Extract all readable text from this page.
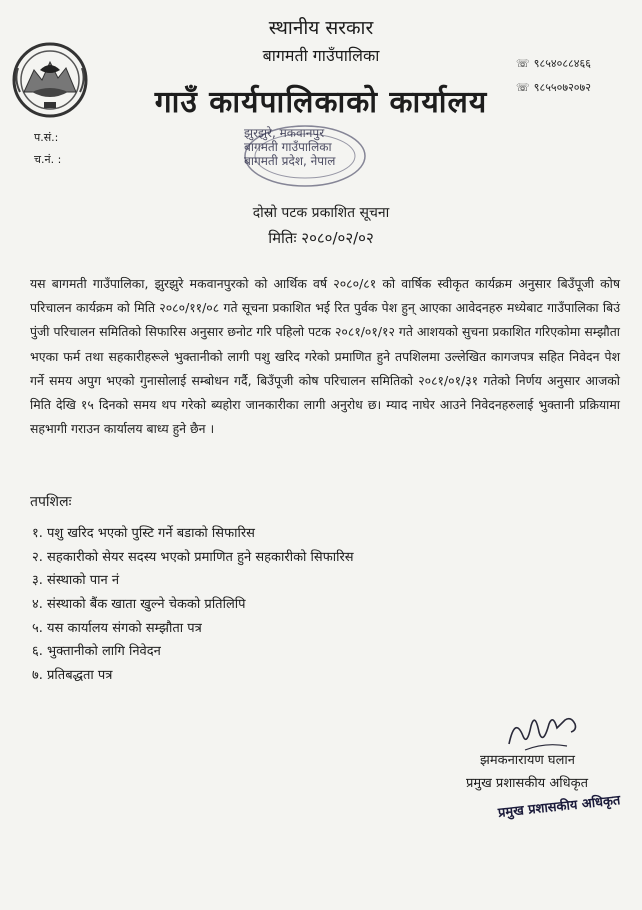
स्थानीय सरकार
बागमती गाउँपालिका
गाउँ कार्यपालिकाको कार्यालय
☏ ९८५४०८८४६६
☏ ९८५५०७२०७२
प.सं.:
च.नं. :
झुरझुरे, मकवानपुर
बागमती गाउँपालिका
बागमती प्रदेश, नेपाल
दोस्रो पटक प्रकाशित सूचना
मितिः २०८०/०२/०२

यस बागमती गाउँपालिका, झुरझुरे मकवानपुरको को आर्थिक वर्ष २०८०/८१ को वार्षिक स्वीकृत कार्यक्रम अनुसार बिउँपूजी कोष परिचालन कार्यक्रम को मिति २०८०/११/०८ गते सूचना प्रकाशित भई रित पुर्वक पेश हुन् आएका आवेदनहरु मध्येबाट गाउँपालिका बिउं पुंजी परिचालन समितिको सिफारिस अनुसार छनोट गरि पहिलो पटक २०८१/०१/१२ गते आशयको सुचना प्रकाशित गरिएकोमा सम्झौता भएका फर्म तथा सहकारीहरूले भुक्तानीको लागी पशु खरिद गरेको प्रमाणित हुने तपशिलमा उल्लेखित कागजपत्र सहित निवेदन पेश गर्ने समय अपुग भएको गुनासोलाई सम्बोधन गर्दै, बिउँपूजी कोष परिचालन समितिको २०८१/०१/३१ गतेको निर्णय अनुसार आजको मिति देखि १५ दिनको समय थप गरेको ब्यहोरा जानकारीका लागी अनुरोध छ। म्याद नाघेर आउने निवेदनहरुलाई भुक्तानी प्रक्रियामा सहभागी गराउन कार्यालय बाध्य हुने छैन ।

तपशिलः
१. पशु खरिद भएको पुस्टि गर्ने बडाको सिफारिस
२. सहकारीको सेयर सदस्य भएको प्रमाणित हुने सहकारीको सिफारिस
३. संस्थाको पान नं
४. संस्थाको बैंक खाता खुल्ने चेकको प्रतिलिपि
५. यस कार्यालय संगको सम्झौता पत्र
६. भुक्तानीको लागि निवेदन
७. प्रतिबद्धता पत्र
झमकनारायण घलान
प्रमुख प्रशासकीय अधिकृत
प्रमुख प्रशासकीय अधिकृत
